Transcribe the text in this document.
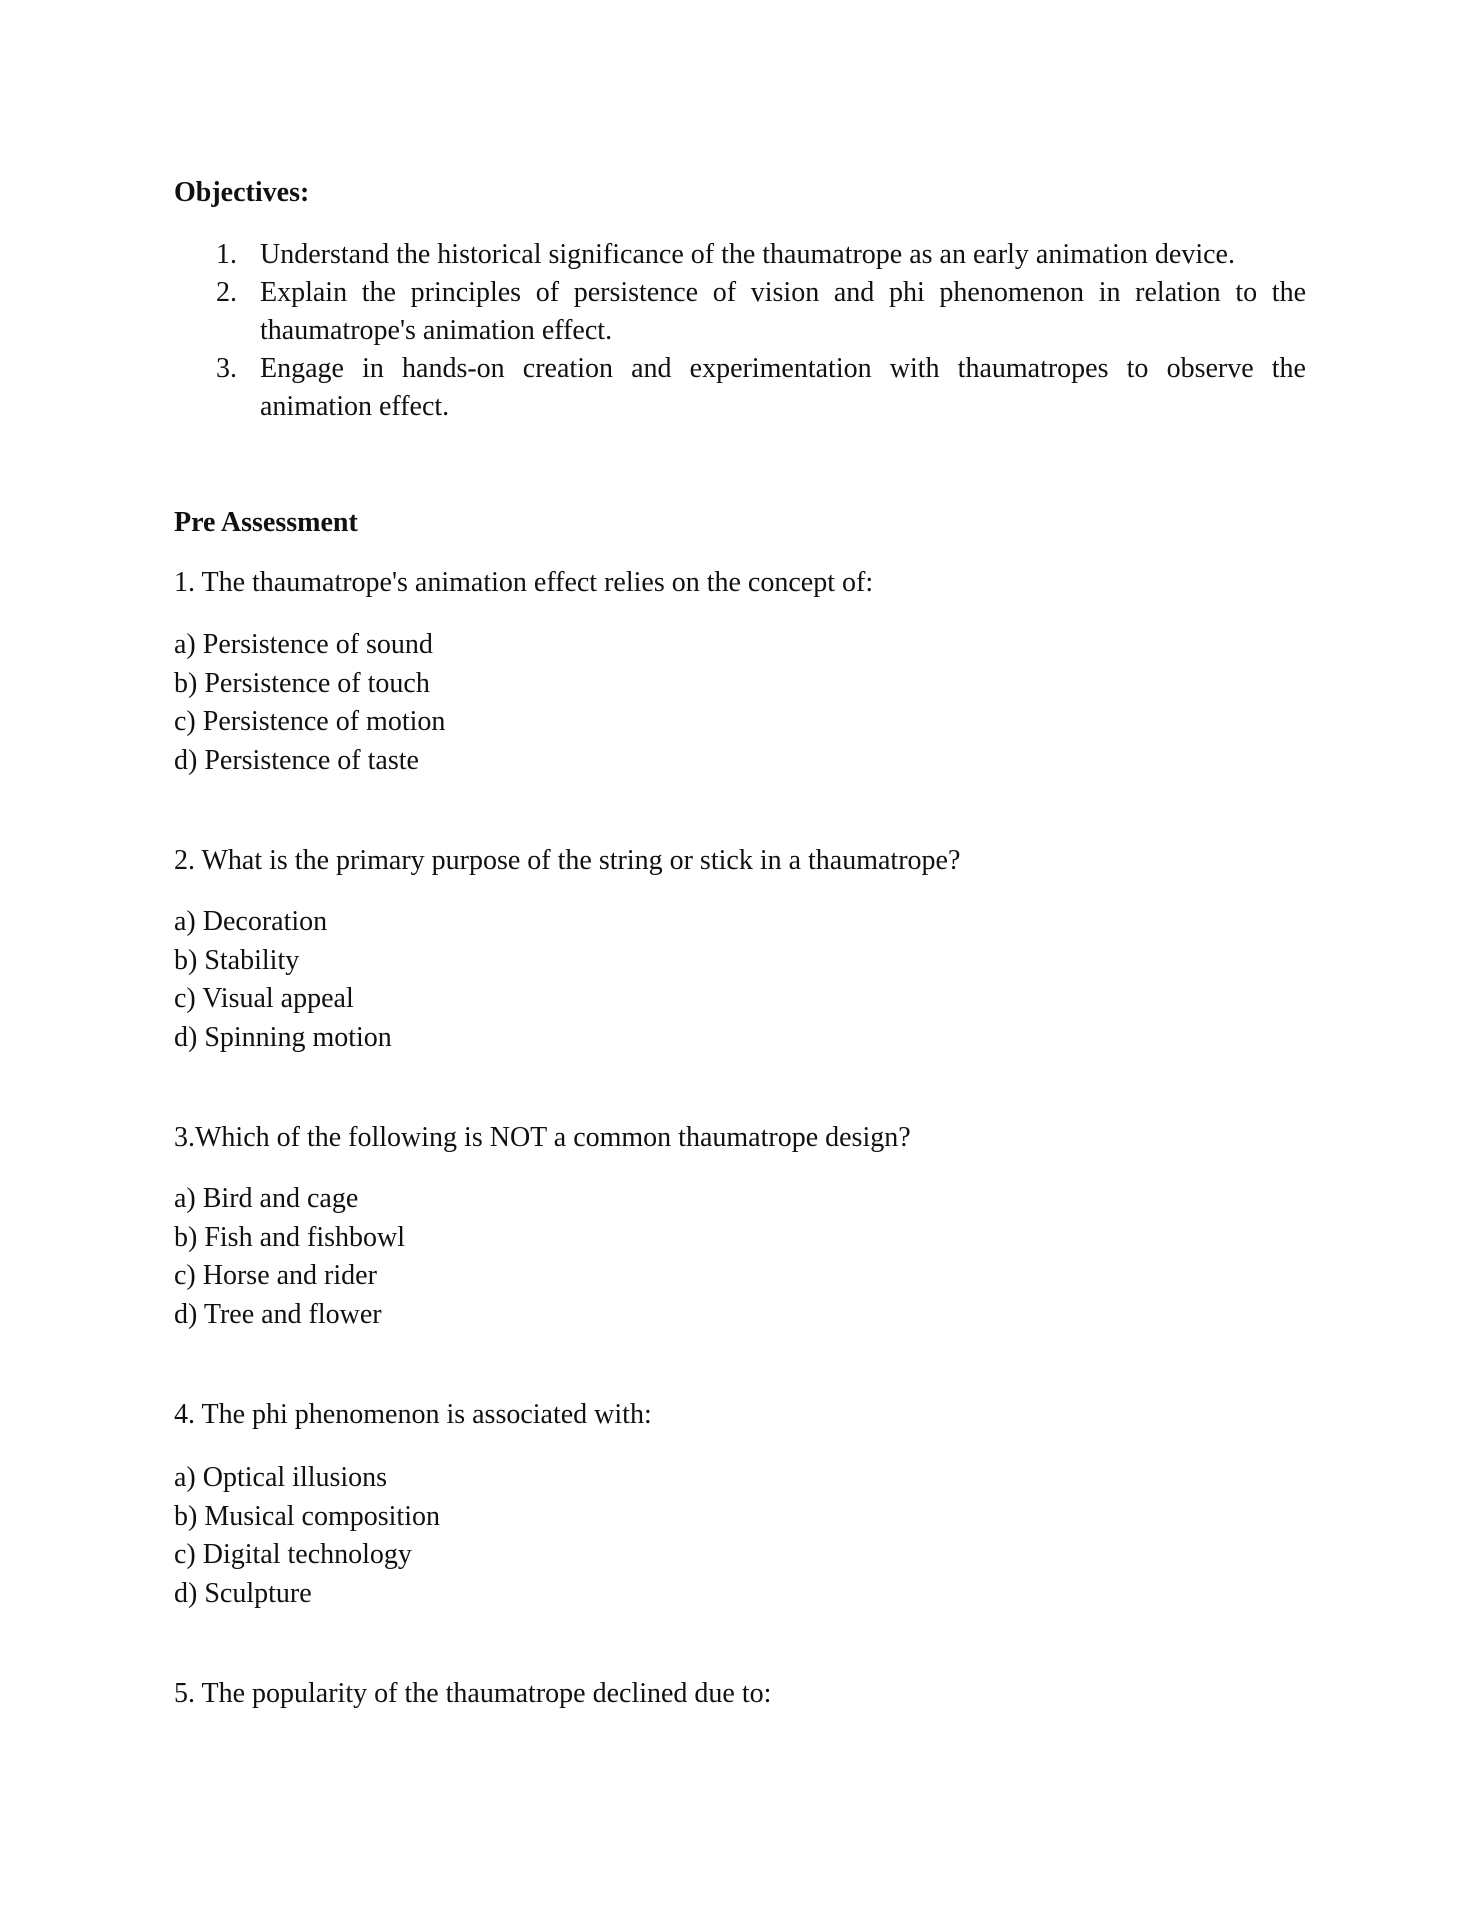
Objectives:
1. Understand the historical significance of the thaumatrope as an early animation device.
2. Explain the principles of persistence of vision and phi phenomenon in relation to the thaumatrope's animation effect.
3. Engage in hands-on creation and experimentation with thaumatropes to observe the animation effect.
Pre Assessment

1. The thaumatrope's animation effect relies on the concept of:

a) Persistence of sound
b) Persistence of touch
c) Persistence of motion
d) Persistence of taste

2. What is the primary purpose of the string or stick in a thaumatrope?

a) Decoration
b) Stability
c) Visual appeal
d) Spinning motion

3.Which of the following is NOT a common thaumatrope design?

a) Bird and cage
b) Fish and fishbowl
c) Horse and rider
d) Tree and flower

4. The phi phenomenon is associated with:

a) Optical illusions
b) Musical composition
c) Digital technology
d) Sculpture

5. The popularity of the thaumatrope declined due to:
